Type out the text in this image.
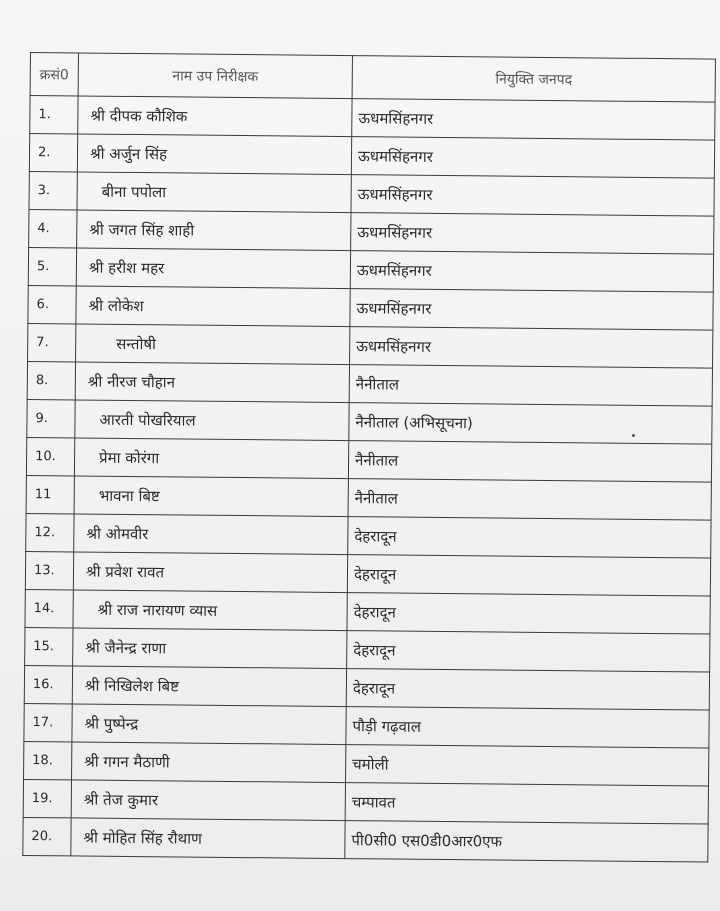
क्रसं0	नाम उप निरीक्षक	नियुक्ति जनपद
1.	श्री दीपक कौशिक	ऊधमसिंहनगर
2.	श्री अर्जुन सिंह	ऊधमसिंहनगर
3.	बीना पपोला	ऊधमसिंहनगर
4.	श्री जगत सिंह शाही	ऊधमसिंहनगर
5.	श्री हरीश महर	ऊधमसिंहनगर
6.	श्री लोकेश	ऊधमसिंहनगर
7.	सन्तोषी	ऊधमसिंहनगर
8.	श्री नीरज चौहान	नैनीताल
9.	आरती पोखरियाल	नैनीताल (अभिसूचना)
10.	प्रेमा कोरंगा	नैनीताल
11	भावना बिष्ट	नैनीताल
12.	श्री ओमवीर	देहरादून
13.	श्री प्रवेश रावत	देहरादून
14.	श्री राज नारायण व्यास	देहरादून
15.	श्री जैनेन्द्र राणा	देहरादून
16.	श्री निखिलेश बिष्ट	देहरादून
17.	श्री पुष्पेन्द्र	पौड़ी गढ़वाल
18.	श्री गगन मैठाणी	चमोली
19.	श्री तेज कुमार	चम्पावत
20.	श्री मोहित सिंह रौथाण	पी0सी0 एस0डी0आर0एफ
